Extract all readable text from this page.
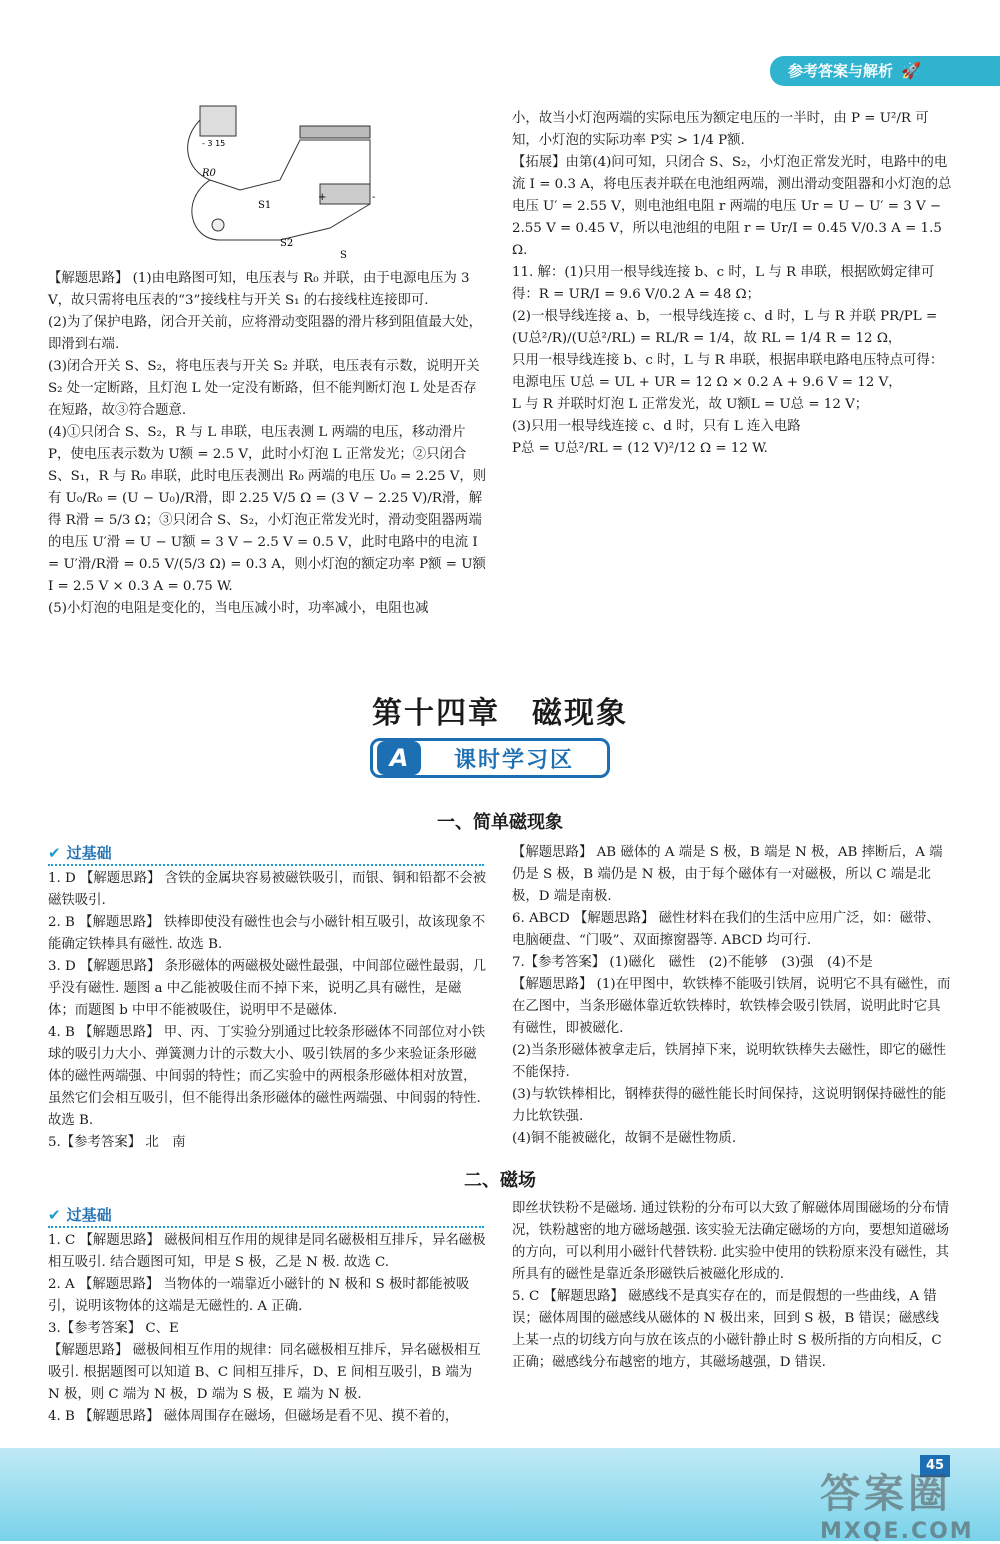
参考答案与解析 🚀
- 3 15
+	-
R0
S1
S2
S

【解题思路】 (1)由电路图可知，电压表与 R₀ 并联，由于电源电压为 3 V，故只需将电压表的“3”接线柱与开关 S₁ 的右接线柱连接即可.

(2)为了保护电路，闭合开关前，应将滑动变阻器的滑片移到阻值最大处，即滑到右端.

(3)闭合开关 S、S₂，将电压表与开关 S₂ 并联，电压表有示数，说明开关 S₂ 处一定断路，且灯泡 L 处一定没有断路，但不能判断灯泡 L 处是否存在短路，故③符合题意.

(4)①只闭合 S、S₂，R 与 L 串联，电压表测 L 两端的电压，移动滑片 P，使电压表示数为 U额 = 2.5 V，此时小灯泡 L 正常发光；②只闭合 S、S₁，R 与 R₀ 串联，此时电压表测出 R₀ 两端的电压 U₀ = 2.25 V，则有 U₀/R₀ = (U − U₀)/R滑，即 2.25 V/5 Ω = (3 V − 2.25 V)/R滑，解得 R滑 = 5/3 Ω；③只闭合 S、S₂，小灯泡正常发光时，滑动变阻器两端的电压 U′滑 = U − U额 = 3 V − 2.5 V = 0.5 V，此时电路中的电流 I = U′滑/R滑 = 0.5 V/(5/3 Ω) = 0.3 A，则小灯泡的额定功率 P额 = U额 I = 2.5 V × 0.3 A = 0.75 W.

(5)小灯泡的电阻是变化的，当电压减小时，功率减小，电阻也减

小，故当小灯泡两端的实际电压为额定电压的一半时，由 P = U²/R 可知，小灯泡的实际功率 P实 > 1/4 P额.

【拓展】由第(4)问可知，只闭合 S、S₂，小灯泡正常发光时，电路中的电流 I = 0.3 A，将电压表并联在电池组两端，测出滑动变阻器和小灯泡的总电压 U′ = 2.55 V，则电池组电阻 r 两端的电压 Ur = U − U′ = 3 V − 2.55 V = 0.45 V，所以电池组的电阻 r = Ur/I = 0.45 V/0.3 A = 1.5 Ω.

11. 解：(1)只用一根导线连接 b、c 时，L 与 R 串联，根据欧姆定律可得：R = UR/I = 9.6 V/0.2 A = 48 Ω；

(2)一根导线连接 a、b，一根导线连接 c、d 时，L 与 R 并联 PR/PL = (U总²/R)/(U总²/RL) = RL/R = 1/4，故 RL = 1/4 R = 12 Ω，

只用一根导线连接 b、c 时，L 与 R 串联，根据串联电路电压特点可得：

电源电压 U总 = UL + UR = 12 Ω × 0.2 A + 9.6 V = 12 V，

L 与 R 并联时灯泡 L 正常发光，故 U额L = U总 = 12 V；

(3)只用一根导线连接 c、d 时，只有 L 连入电路

P总 = U总²/RL = (12 V)²/12 Ω = 12 W.

第十四章　磁现象
A	课时学习区
一、简单磁现象
✔︎ 过基础

1. D 【解题思路】 含铁的金属块容易被磁铁吸引，而银、铜和铅都不会被磁铁吸引.

2. B 【解题思路】 铁棒即使没有磁性也会与小磁针相互吸引，故该现象不能确定铁棒具有磁性. 故选 B.

3. D 【解题思路】 条形磁体的两磁极处磁性最强，中间部位磁性最弱，几乎没有磁性. 题图 a 中乙能被吸住而不掉下来，说明乙具有磁性，是磁体；而题图 b 中甲不能被吸住，说明甲不是磁体.

4. B 【解题思路】 甲、丙、丁实验分别通过比较条形磁体不同部位对小铁球的吸引力大小、弹簧测力计的示数大小、吸引铁屑的多少来验证条形磁体的磁性两端强、中间弱的特性；而乙实验中的两根条形磁体相对放置，虽然它们会相互吸引，但不能得出条形磁体的磁性两端强、中间弱的特性. 故选 B.

5.【参考答案】 北　南

【解题思路】 AB 磁体的 A 端是 S 极，B 端是 N 极，AB 摔断后，A 端仍是 S 极，B 端仍是 N 极，由于每个磁体有一对磁极，所以 C 端是北极，D 端是南极.

6. ABCD 【解题思路】 磁性材料在我们的生活中应用广泛，如：磁带、电脑硬盘、“门吸”、双面擦窗器等. ABCD 均可行.

7.【参考答案】 (1)磁化　磁性　(2)不能够　(3)强　(4)不是

【解题思路】 (1)在甲图中，软铁棒不能吸引铁屑，说明它不具有磁性，而在乙图中，当条形磁体靠近软铁棒时，软铁棒会吸引铁屑，说明此时它具有磁性，即被磁化.

(2)当条形磁体被拿走后，铁屑掉下来，说明软铁棒失去磁性，即它的磁性不能保持.

(3)与软铁棒相比，钢棒获得的磁性能长时间保持，这说明钢保持磁性的能力比软铁强.

(4)铜不能被磁化，故铜不是磁性物质.

二、磁场
✔︎ 过基础

1. C 【解题思路】 磁极间相互作用的规律是同名磁极相互排斥，异名磁极相互吸引. 结合题图可知，甲是 S 极，乙是 N 极. 故选 C.

2. A 【解题思路】 当物体的一端靠近小磁针的 N 极和 S 极时都能被吸引，说明该物体的这端是无磁性的. A 正确.

3.【参考答案】 C、E

【解题思路】 磁极间相互作用的规律：同名磁极相互排斥，异名磁极相互吸引. 根据题图可以知道 B、C 间相互排斥，D、E 间相互吸引，B 端为 N 极，则 C 端为 N 极，D 端为 S 极，E 端为 N 极.

4. B 【解题思路】 磁体周围存在磁场，但磁场是看不见、摸不着的，

即丝状铁粉不是磁场. 通过铁粉的分布可以大致了解磁体周围磁场的分布情况，铁粉越密的地方磁场越强. 该实验无法确定磁场的方向，要想知道磁场的方向，可以利用小磁针代替铁粉. 此实验中使用的铁粉原来没有磁性，其所具有的磁性是靠近条形磁铁后被磁化形成的.

5. C 【解题思路】 磁感线不是真实存在的，而是假想的一些曲线，A 错误；磁体周围的磁感线从磁体的 N 极出来，回到 S 极，B 错误；磁感线上某一点的切线方向与放在该点的小磁针静止时 S 极所指的方向相反，C 正确；磁感线分布越密的地方，其磁场越强，D 错误.

45
答案圈
MXQE.COM
